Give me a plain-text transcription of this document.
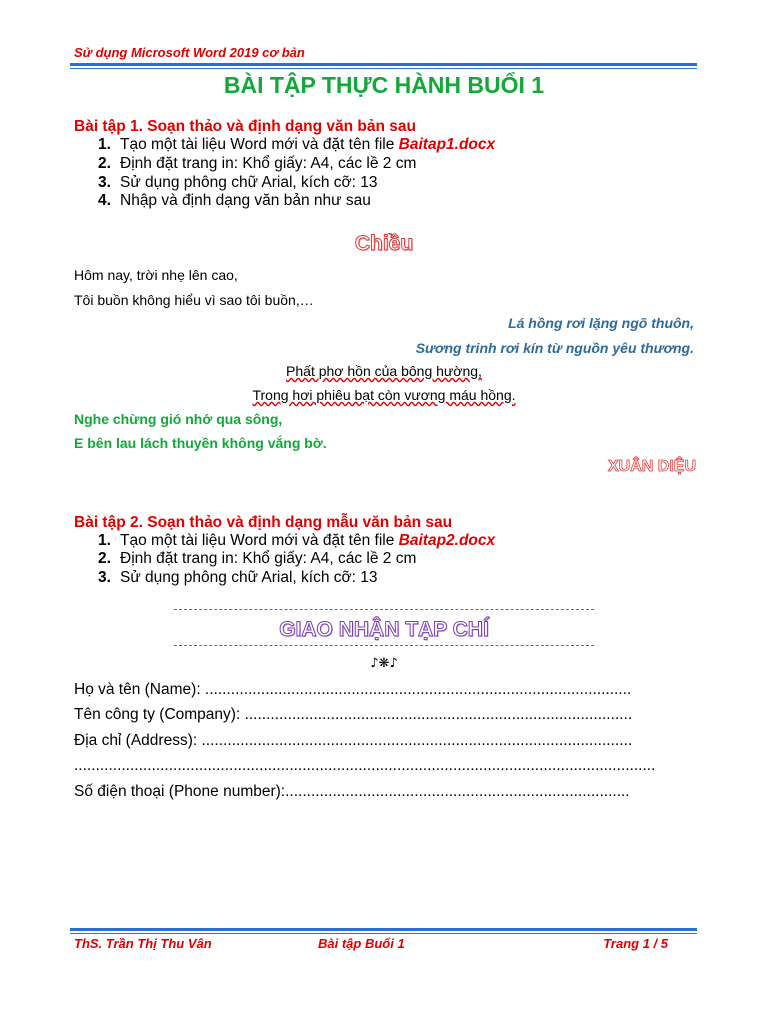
Sử dụng Microsoft Word 2019 cơ bản
BÀI TẬP THỰC HÀNH BUỔI 1
Bài tập 1. Soạn thảo và định dạng văn bản sau
1. Tạo một tài liệu Word mới và đặt tên file Baitap1.docx
2. Định đặt trang in: Khổ giấy: A4, các lề 2 cm
3. Sử dụng phông chữ Arial, kích cỡ: 13
4. Nhập và định dạng văn bản như sau
Chiều
Hôm nay, trời nhẹ lên cao,
Tôi buồn không hiểu vì sao tôi buồn,…
Lá hồng rơi lặng ngõ thuôn,
Sương trinh rơi kín từ nguồn yêu thương.
Phất phơ hồn của bông hường,
Trong hơi phiêu bạt còn vương máu hồng.
Nghe chừng gió nhớ qua sông,
E bên lau lách thuyền không vắng bờ.
XUÂN DIỆU
Bài tập 2. Soạn thảo và định dạng mẫu văn bản sau
1. Tạo một tài liệu Word mới và đặt tên file Baitap2.docx
2. Định đặt trang in: Khổ giấy: A4, các lề 2 cm
3. Sử dụng phông chữ Arial, kích cỡ: 13
GIAO NHẬN TẠP CHÍ
♪❋♪
Họ và tên (Name): ...................................................................................................
Tên công ty (Company): ..........................................................................................
Địa chỉ (Address): ....................................................................................................
.......................................................................................................................................
Số điện thoại (Phone number):................................................................................
ThS. Trần Thị Thu Vân	Bài tập Buổi 1	Trang 1 / 5
